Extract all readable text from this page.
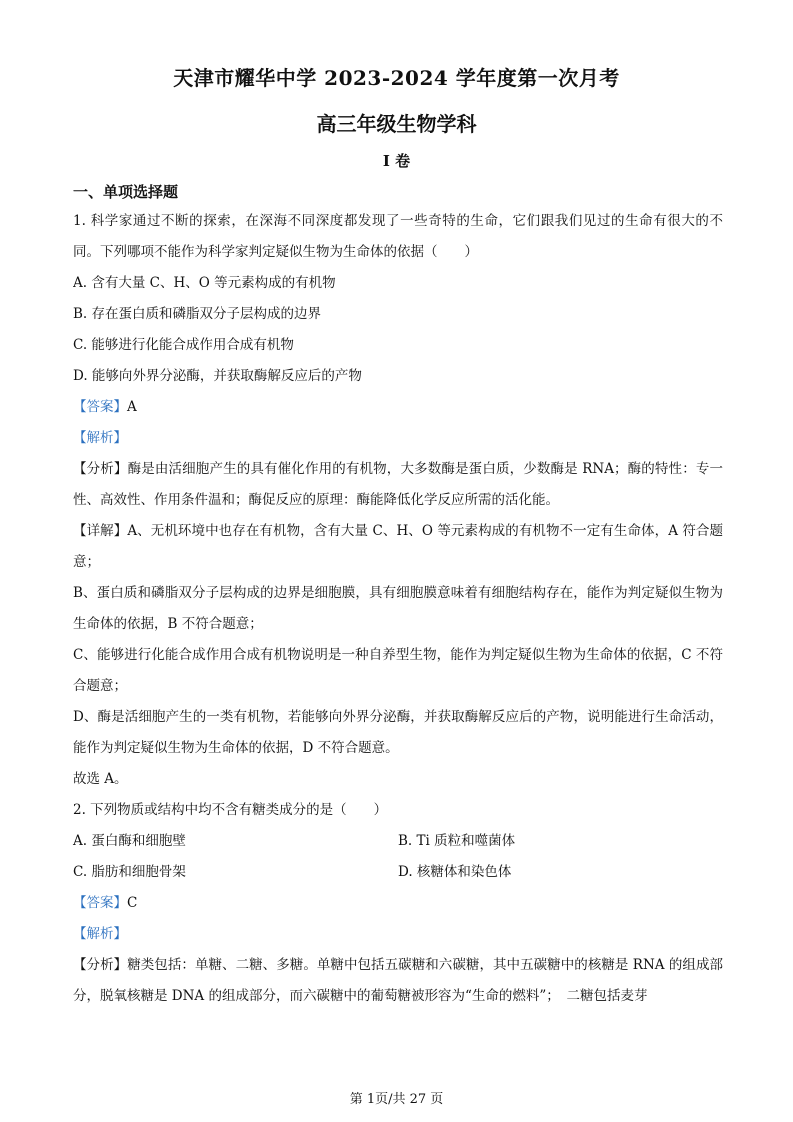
天津市耀华中学 2023-2024 学年度第一次月考
高三年级生物学科
I 卷
一、单项选择题
1. 科学家通过不断的探索，在深海不同深度都发现了一些奇特的生命，它们跟我们见过的生命有很大的不同。下列哪项不能作为科学家判定疑似生物为生命体的依据（　　）
A. 含有大量 C、H、O 等元素构成的有机物
B. 存在蛋白质和磷脂双分子层构成的边界
C. 能够进行化能合成作用合成有机物
D. 能够向外界分泌酶，并获取酶解反应后的产物
【答案】A
【解析】
【分析】酶是由活细胞产生的具有催化作用的有机物，大多数酶是蛋白质，少数酶是 RNA；酶的特性：专一性、高效性、作用条件温和；酶促反应的原理：酶能降低化学反应所需的活化能。
【详解】A、无机环境中也存在有机物，含有大量 C、H、O 等元素构成的有机物不一定有生命体，A 符合题意；
B、蛋白质和磷脂双分子层构成的边界是细胞膜，具有细胞膜意味着有细胞结构存在，能作为判定疑似生物为生命体的依据，B 不符合题意；
C、能够进行化能合成作用合成有机物说明是一种自养型生物，能作为判定疑似生物为生命体的依据，C 不符合题意；
D、酶是活细胞产生的一类有机物，若能够向外界分泌酶，并获取酶解反应后的产物，说明能进行生命活动，能作为判定疑似生物为生命体的依据，D 不符合题意。
故选 A。
2. 下列物质或结构中均不含有糖类成分的是（　　）
A. 蛋白酶和细胞壁	B. Ti 质粒和噬菌体
C. 脂肪和细胞骨架	D. 核糖体和染色体
【答案】C
【解析】
【分析】糖类包括：单糖、二糖、多糖。单糖中包括五碳糖和六碳糖，其中五碳糖中的核糖是 RNA 的组成部分，脱氧核糖是 DNA 的组成部分，而六碳糖中的葡萄糖被形容为“生命的燃料”；　二糖包括麦芽
第 1页/共 27 页
